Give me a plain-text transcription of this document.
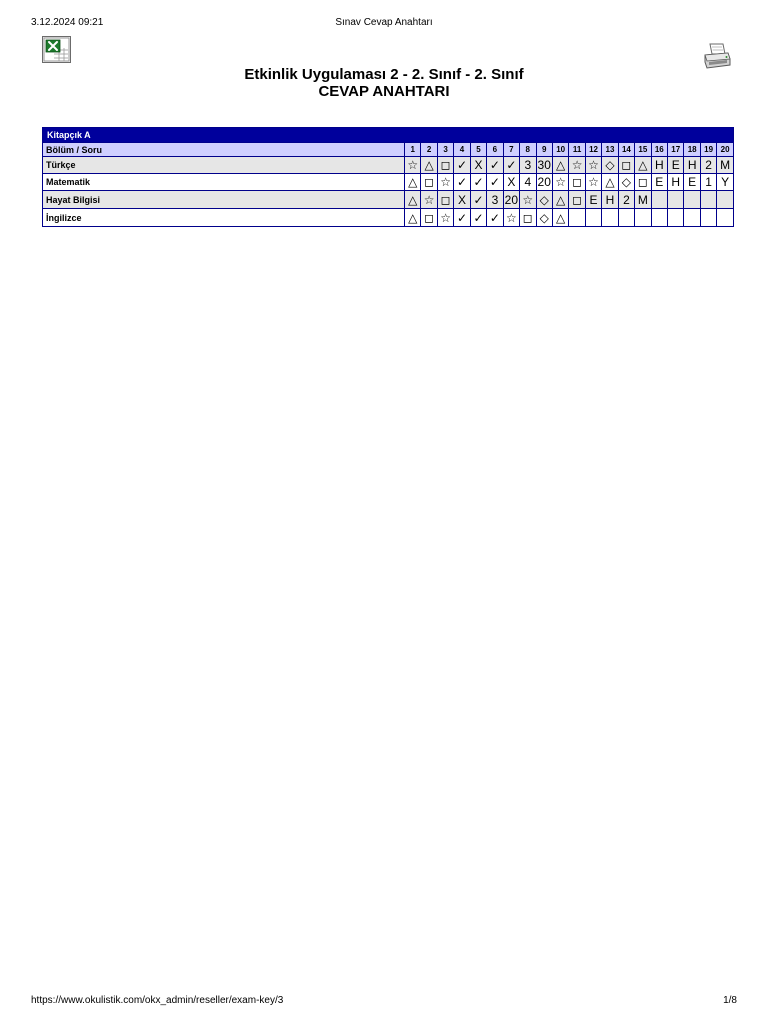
3.12.2024 09:21	Sınav Cevap Anahtarı
Etkinlik Uygulaması 2 - 2. Sınıf - 2. Sınıf
CEVAP ANAHTARI
Kitapçık A																				
Bölüm / Soru	1	2	3	4	5	6	7	8	9	10	11	12	13	14	15	16	17	18	19	20
Türkçe	☆	△	◻	✓	X	✓	✓	3	30	△	☆	☆	◇	◻	△	H	E	H	2	M
Matematik	△	◻	☆	✓	✓	✓	X	4	20	☆	◻	☆	△	◇	◻	E	H	E	1	Y
Hayat Bilgisi	△	☆	◻	X	✓	3	20	☆	◇	△	◻	E	H	2	M					
İngilizce	△	◻	☆	✓	✓	✓	☆	◻	◇	△										
https://www.okulistik.com/okx_admin/reseller/exam-key/3	1/8
